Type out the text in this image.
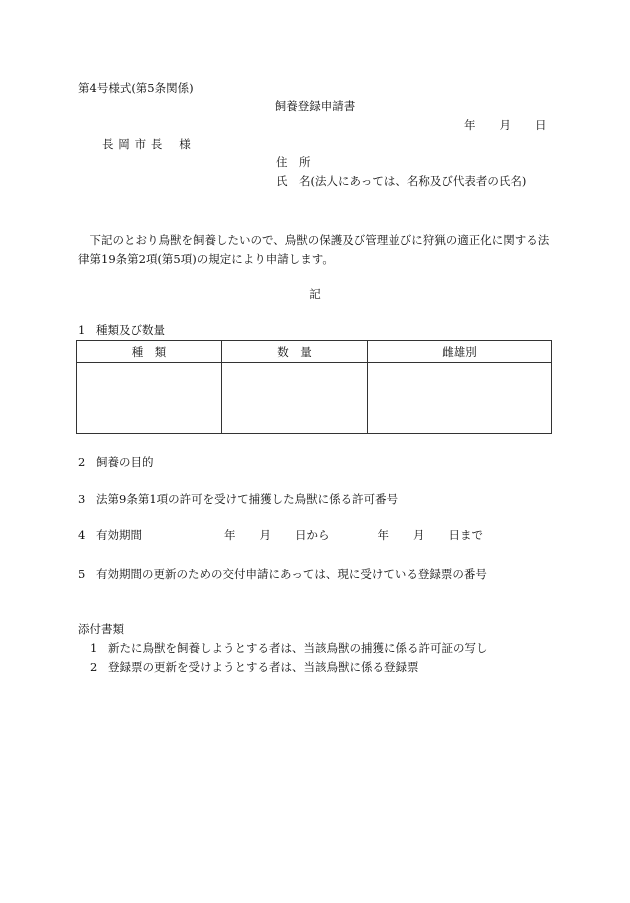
第4号様式(第5条関係)
飼養登録申請書
年 月 日
長 岡 市 長　 様
住　所
氏　名(法人にあっては、名称及び代表者の氏名)
　下記のとおり鳥獣を飼養したいので、鳥獣の保護及び管理並びに狩猟の適正化に関する法律第19条第2項(第5項)の規定により申請します。
記
1 種類及び数量
種　類	数　量	雌雄別

2 飼養の目的
3 法第9条第1項の許可を受けて捕獲した鳥獣に係る許可番号
4 有効期間	年 月 日から	年 月 日まで
5 有効期間の更新のための交付申請にあっては、現に受けている登録票の番号
添付書類
1 新たに鳥獣を飼養しようとする者は、当該鳥獣の捕獲に係る許可証の写し
2 登録票の更新を受けようとする者は、当該鳥獣に係る登録票
